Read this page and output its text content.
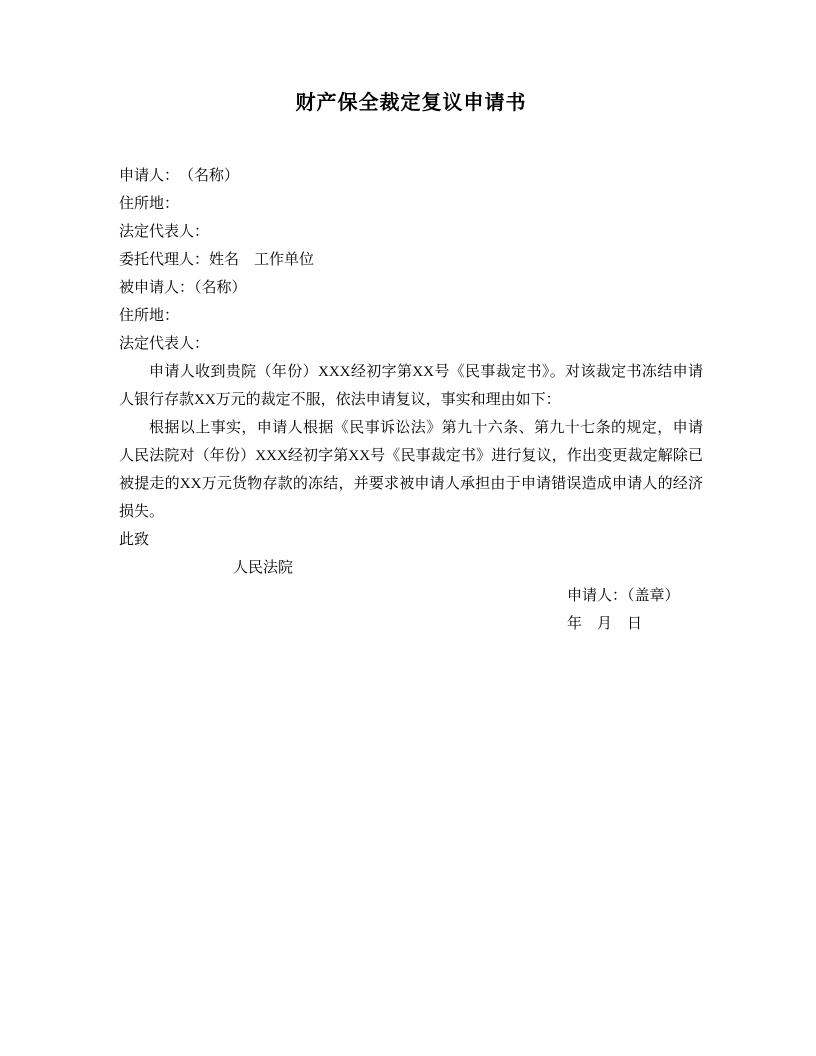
财产保全裁定复议申请书

申请人：　（名称）

住所地：

法定代表人：

委托代理人：姓名　工作单位

被申请人：（名称）

住所地：

法定代表人：

申请人收到贵院（年份）XXX经初字第XX号《民事裁定书》。对该裁定书冻结申请人银行存款XX万元的裁定不服，依法申请复议，事实和理由如下：

根据以上事实，申请人根据《民事诉讼法》第九十六条、第九十七条的规定，申请人民法院对（年份）XXX经初字第XX号《民事裁定书》进行复议，作出变更裁定解除已被提走的XX万元货物存款的冻结，并要求被申请人承担由于申请错误造成申请人的经济损失。

此致

人民法院

申请人：（盖章）

年　月　日
